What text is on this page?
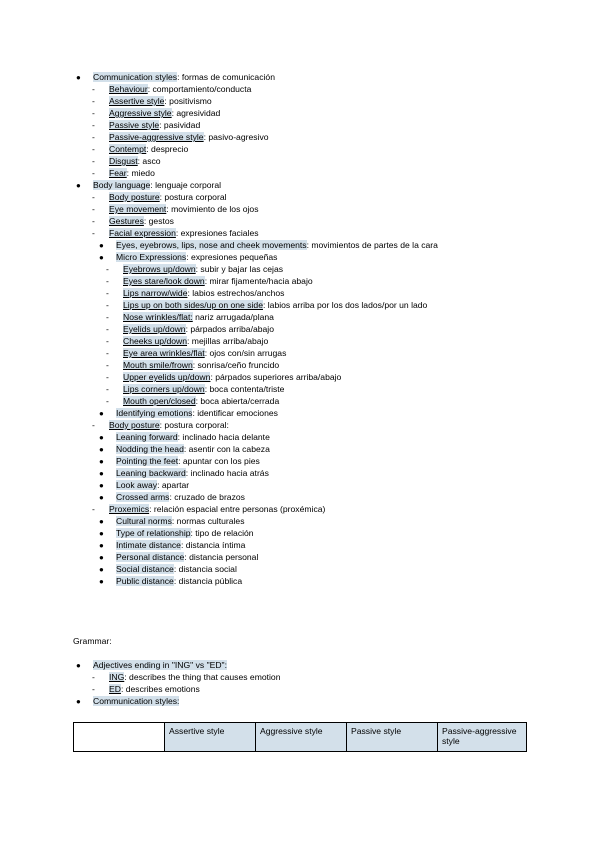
● Communication styles: formas de comunicación
- Behaviour: comportamiento/conducta
- Assertive style: positivismo
- Aggressive style: agresividad
- Passive style: pasividad
- Passive-aggressive style: pasivo-agresivo
- Contempt: desprecio
- Disgust: asco
- Fear: miedo
● Body language: lenguaje corporal
- Body posture: postura corporal
- Eye movement: movimiento de los ojos
- Gestures: gestos
- Facial expression: expresiones faciales
● Eyes, eyebrows, lips, nose and cheek movements: movimientos de partes de la cara
● Micro Expressions: expresiones pequeñas
- Eyebrows up/down: subir y bajar las cejas
- Eyes stare/look down: mirar fijamente/hacia abajo
- Lips narrow/wide: labios estrechos/anchos
- Lips up on both sides/up on one side: labios arriba por los dos lados/por un lado
- Nose wrinkles/flat: nariz arrugada/plana
- Eyelids up/down: párpados arriba/abajo
- Cheeks up/down: mejillas arriba/abajo
- Eye area wrinkles/flat: ojos con/sin arrugas
- Mouth smile/frown: sonrisa/ceño fruncido
- Upper eyelids up/down: párpados superiores arriba/abajo
- Lips corners up/down: boca contenta/triste
- Mouth open/closed: boca abierta/cerrada
● Identifying emotions: identificar emociones
- Body posture: postura corporal:
● Leaning forward: inclinado hacia delante
● Nodding the head: asentir con la cabeza
● Pointing the feet: apuntar con los pies
● Leaning backward: inclinado hacia atrás
● Look away: apartar
● Crossed arms: cruzado de brazos
- Proxemics: relación espacial entre personas (proxémica)
● Cultural norms: normas culturales
● Type of relationship: tipo de relación
● Intimate distance: distancia íntima
● Personal distance: distancia personal
● Social distance: distancia social
● Public distance: distancia pública
Grammar:
● Adjectives ending in "ING" vs "ED":
- ING: describes the thing that causes emotion
- ED: describes emotions
● Communication styles:
	Assertive style	Aggressive style	Passive style	Passive-aggressive style
